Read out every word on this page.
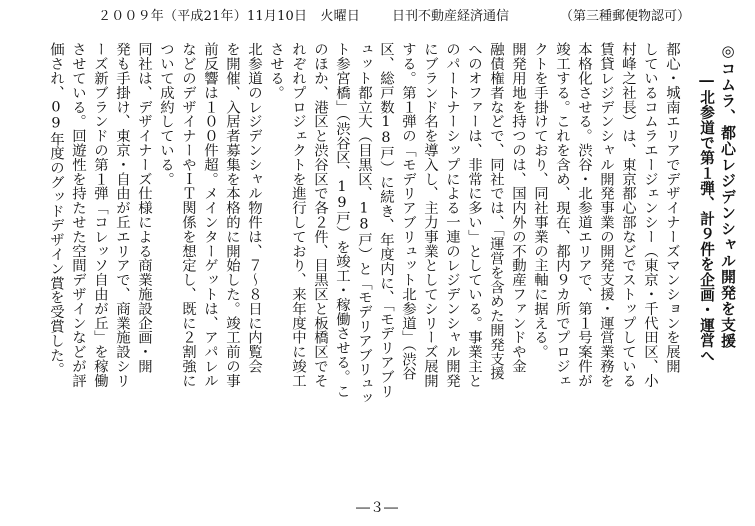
２００９年（平成21年）11月10日　火曜日 日刊不動産経済通信	（第三種郵便物認可）
◎コムラ、都心レジデンシャル開発を支援
―北参道で第１弾、計９件を企画・運営へ
都心・城南エリアでデザイナーズマンションを展開
しているコムラエージェンシー（東京・千代田区、小
村峰之社長）は、東京都心部などでストップしている
賃貸レジデンシャル開発事業の開発支援・運営業務を
本格化させる。渋谷・北参道エリアで、第１号案件が
竣工する。これを含め、現在、都内９カ所でプロジェ
クトを手掛けており、同社事業の主軸に据える。
開発用地を持つのは、国内外の不動産ファンドや金
融債権者などで、同社では、「運営を含めた開発支援
へのオファーは、非常に多い」としている。事業主と
のパートナーシップによる一連のレジデンシャル開発
にブランド名を導入し、主力事業としてシリーズ展開
する。第１弾の「モデリアブリュット北参道」（渋谷
区、総戸数18戸）に続き、年度内に、「モデリアブリ
ュット都立大（目黒区、18戸）と「モデリアブリュッ
ト参宮橋」（渋谷区、19戸）を竣工・稼働させる。こ
のほか、港区と渋谷区で各２件、目黒区と板橋区でそ
れぞれプロジェクトを進行しており、来年度中に竣工
させる。
北参道のレジデンシャル物件は、７～８日に内覧会
を開催、入居者募集を本格的に開始した。竣工前の事
前反響は１００件超。メインターゲットは、アパレル
などのデザイナーやＩＴ関係を想定し、既に２割強に
ついて成約している。
同社は、デザイナーズ仕様による商業施設企画・開
発も手掛け、東京・自由が丘エリアで、商業施設シリ
ーズ新ブランドの第１弾「コレッソ自由が丘」を稼働
させている。回遊性を持たせた空間デザインなどが評
価され、09年度のグッドデザイン賞を受賞した。
―３―
